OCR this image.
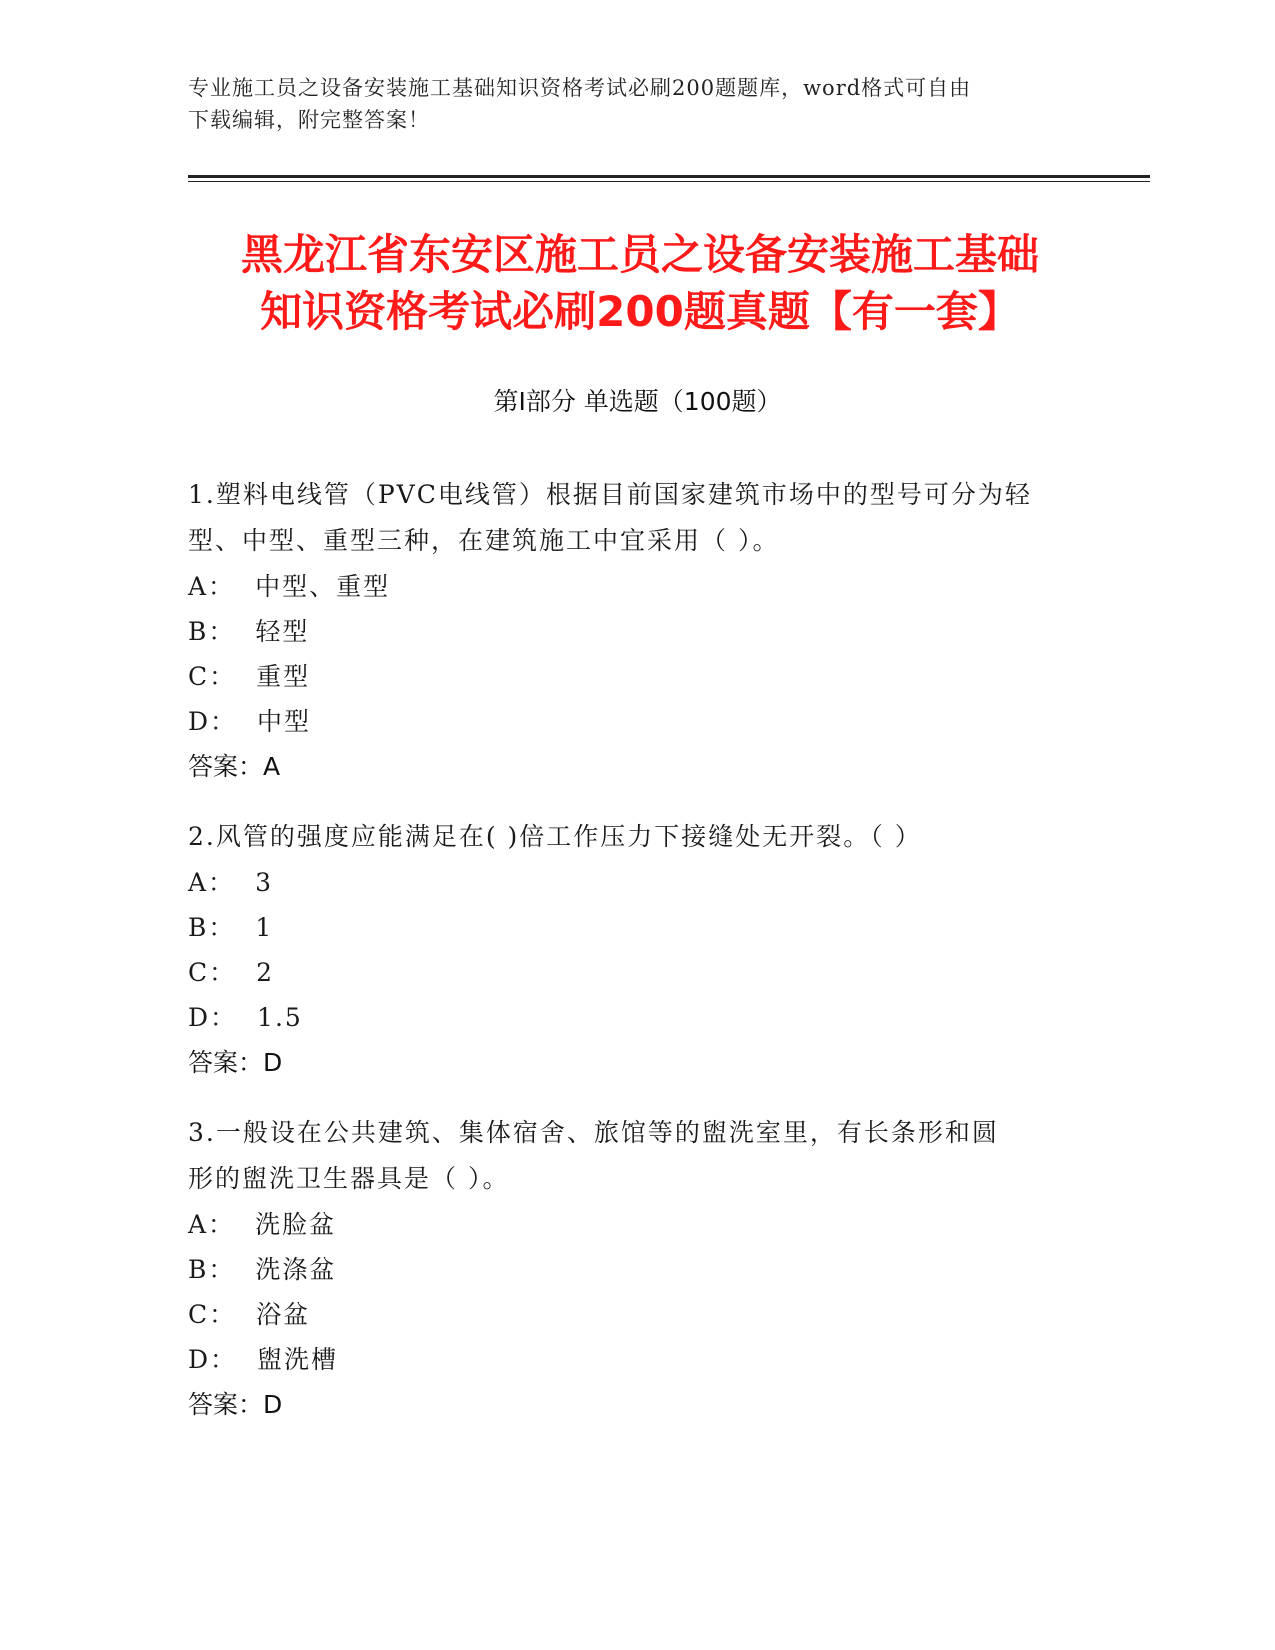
专业施工员之设备安装施工基础知识资格考试必刷200题题库，word格式可自由
下载编辑，附完整答案！
黑龙江省东安区施工员之设备安装施工基础
知识资格考试必刷200题真题【有一套】
第Ⅰ部分 单选题（100题）

1.塑料电线管（PVC电线管）根据目前国家建筑市场中的型号可分为轻

型、中型、重型三种，在建筑施工中宜采用（ ）。

A： 中型、重型

B： 轻型

C： 重型

D： 中型

答案：A

2.风管的强度应能满足在( )倍工作压力下接缝处无开裂。（ ）

A： 3

B： 1

C： 2

D： 1.5

答案：D

3.一般设在公共建筑、集体宿舍、旅馆等的盥洗室里，有长条形和圆

形的盥洗卫生器具是（ ）。

A： 洗脸盆

B： 洗涤盆

C： 浴盆

D： 盥洗槽

答案：D
